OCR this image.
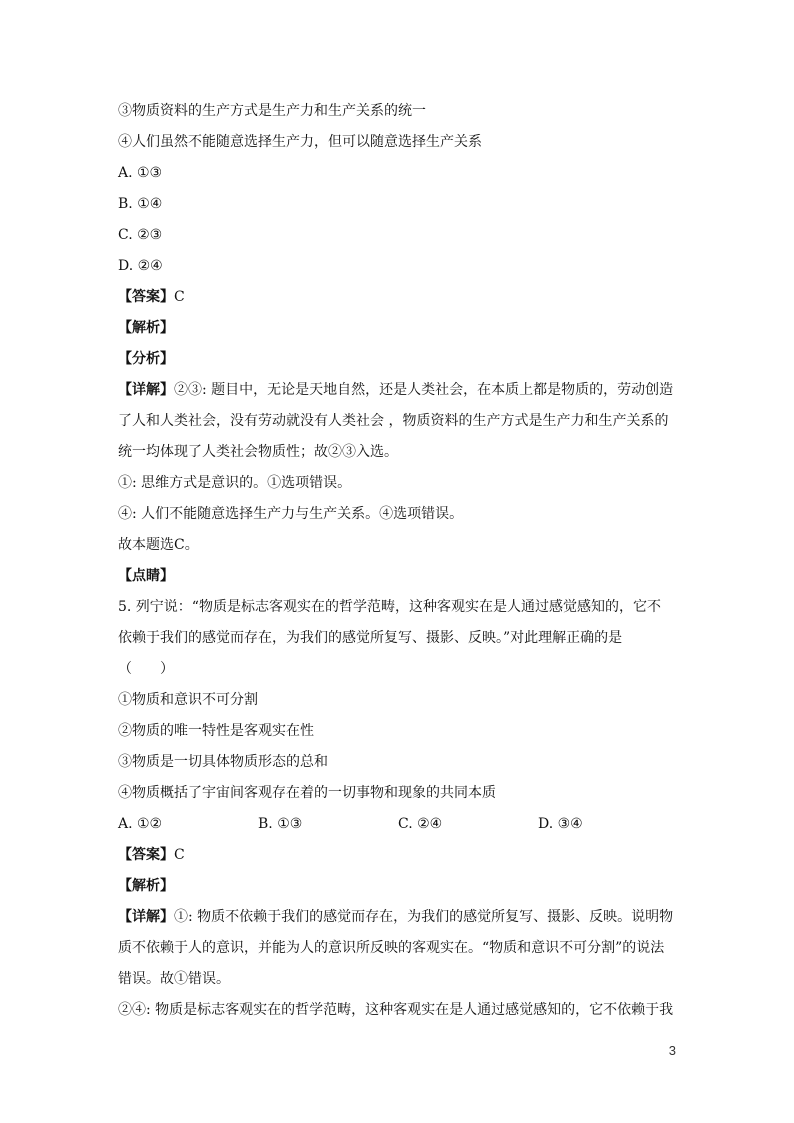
③物质资料的生产方式是生产力和生产关系的统一
④人们虽然不能随意选择生产力，但可以随意选择生产关系
A. ①③
B. ①④
C. ②③
D. ②④
【答案】C
【解析】
【分析】
【详解】②③: 题目中，无论是天地自然，还是人类社会，在本质上都是物质的，劳动创造
了人和人类社会，没有劳动就没有人类社会 ，物质资料的生产方式是生产力和生产关系的
统一均体现了人类社会物质性；故②③入选。
①: 思维方式是意识的。①选项错误。
④: 人们不能随意选择生产力与生产关系。④选项错误。
故本题选C。
【点睛】
5. 列宁说：“物质是标志客观实在的哲学范畴，这种客观实在是人通过感觉感知的，它不
依赖于我们的感觉而存在，为我们的感觉所复写、摄影、反映。”对此理解正确的是
（　　）
①物质和意识不可分割
②物质的唯一特性是客观实在性
③物质是一切具体物质形态的总和
④物质概括了宇宙间客观存在着的一切事物和现象的共同本质
A. ①②	B. ①③	C. ②④	D. ③④
【答案】C
【解析】
【详解】①: 物质不依赖于我们的感觉而存在，为我们的感觉所复写、摄影、反映。说明物
质不依赖于人的意识，并能为人的意识所反映的客观实在。“物质和意识不可分割”的说法
错误。故①错误。
②④: 物质是标志客观实在的哲学范畴，这种客观实在是人通过感觉感知的，它不依赖于我
3
